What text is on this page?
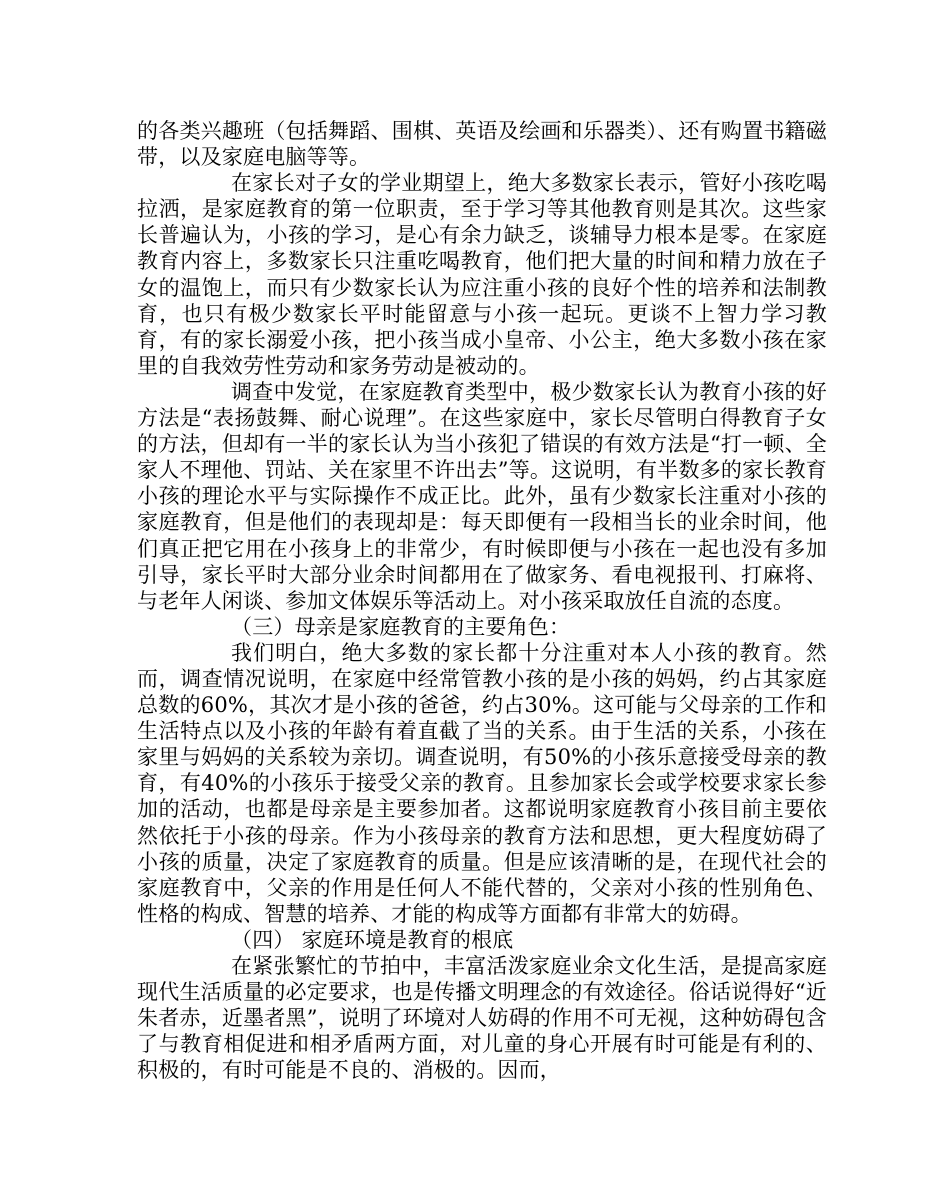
的各类兴趣班（包括舞蹈、围棋、英语及绘画和乐器类）、还有购置书籍磁带，以及家庭电脑等等。

在家长对子女的学业期望上，绝大多数家长表示，管好小孩吃喝拉洒，是家庭教育的第一位职责，至于学习等其他教育则是其次。这些家长普遍认为，小孩的学习，是心有余力缺乏，谈辅导力根本是零。在家庭教育内容上，多数家长只注重吃喝教育，他们把大量的时间和精力放在子女的温饱上，而只有少数家长认为应注重小孩的良好个性的培养和法制教育，也只有极少数家长平时能留意与小孩一起玩。更谈不上智力学习教育，有的家长溺爱小孩，把小孩当成小皇帝、小公主，绝大多数小孩在家里的自我效劳性劳动和家务劳动是被动的。

调查中发觉，在家庭教育类型中，极少数家长认为教育小孩的好方法是“表扬鼓舞、耐心说理”。在这些家庭中，家长尽管明白得教育子女的方法，但却有一半的家长认为当小孩犯了错误的有效方法是“打一顿、全家人不理他、罚站、关在家里不许出去”等。这说明，有半数多的家长教育小孩的理论水平与实际操作不成正比。此外，虽有少数家长注重对小孩的家庭教育，但是他们的表现却是：每天即便有一段相当长的业余时间，他们真正把它用在小孩身上的非常少，有时候即便与小孩在一起也没有多加引导，家长平时大部分业余时间都用在了做家务、看电视报刊、打麻将、与老年人闲谈、参加文体娱乐等活动上。对小孩采取放任自流的态度。

（三）母亲是家庭教育的主要角色：

我们明白，绝大多数的家长都十分注重对本人小孩的教育。然而，调查情况说明，在家庭中经常管教小孩的是小孩的妈妈，约占其家庭总数的60%，其次才是小孩的爸爸，约占30%。这可能与父母亲的工作和生活特点以及小孩的年龄有着直截了当的关系。由于生活的关系，小孩在家里与妈妈的关系较为亲切。调查说明，有50%的小孩乐意接受母亲的教育，有40%的小孩乐于接受父亲的教育。且参加家长会或学校要求家长参加的活动，也都是母亲是主要参加者。这都说明家庭教育小孩目前主要依然依托于小孩的母亲。作为小孩母亲的教育方法和思想，更大程度妨碍了小孩的质量，决定了家庭教育的质量。但是应该清晰的是，在现代社会的家庭教育中，父亲的作用是任何人不能代替的，父亲对小孩的性别角色、性格的构成、智慧的培养、才能的构成等方面都有非常大的妨碍。

（四） 家庭环境是教育的根底

在紧张繁忙的节拍中，丰富活泼家庭业余文化生活，是提高家庭现代生活质量的必定要求，也是传播文明理念的有效途径。俗话说得好“近朱者赤，近墨者黑”，说明了环境对人妨碍的作用不可无视，这种妨碍包含了与教育相促进和相矛盾两方面，对儿童的身心开展有时可能是有利的、积极的，有时可能是不良的、消极的。因而，
